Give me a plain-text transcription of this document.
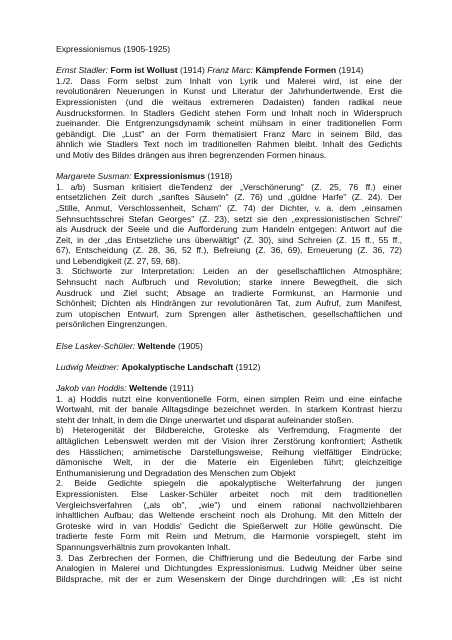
Expressionismus (1905-1925)
Ernst Stadler: Form ist Wollust (1914) Franz Marc: Kämpfende Formen (1914)
1./2. Dass Form selbst zum Inhalt von Lyrik und Malerei wird, ist eine der
revolutionären Neuerungen in Kunst und Literatur der Jahrhundertwende. Erst die
Expressionisten (und die weitaus extremeren Dadaisten) fanden radikal neue
Ausdrucksformen. In Stadlers Gedicht stehen Form und Inhalt noch in Widerspruch
zueinander. Die Entgrenzungsdynamik scheint mühsam in einer traditionellen Form
gebändigt. Die „Lust" an der Form thematisiert Franz Marc in seinem Bild, das
ähnlich wie Stadlers Text noch im traditionellen Rahmen bleibt. Inhalt des Gedichts
und Motiv des Bildes drängen aus ihren begrenzenden Formen hinaus.
Margarete Susman: Expressionismus (1918)
1. a/b) Susman kritisiert dieTendenz der „Verschönerung" (Z. 25, 76 ff.) einer
entsetzlichen Zeit durch „sanftes Säuseln" (Z. 76) und „güldne Harfe" (Z. 24). Der
„Stille, Anmut, Verschlossenheit, Scham" (Z. 74) der Dichter, v. a. dem „einsamen
Sehnsuchtsschrei Stefan Georges" (Z. 23), setzt sie den „expressionistischen Schrei"
als Ausdruck der Seele und die Aufforderung zum Handeln entgegen: Antwort auf die
Zeit, in der „das Entsetzliche uns überwältigt" (Z. 30), sind Schreien (Z. 15 ff., 55 ff.,
67), Entscheidung (Z. 28, 36, 52 ff.), Befreiung (Z. 36, 69), Erneuerung (Z. 36, 72)
und Lebendigkeit (Z. 27, 59, 68).
3. Stichworte zur Interpretation: Leiden an der gesellschaftlichen Atmosphäre;
Sehnsucht nach Aufbruch und Revolution; starke innere Bewegtheit, die sich
Ausdruck und Ziel sucht; Absage an tradierte Formkunst, an Harmonie und
Schönheit; Dichten als Hindrängen zur revolutionären Tat, zum Aufruf, zum Manifest,
zum utopischen Entwurf, zum Sprengen aller ästhetischen, gesellschaftlichen und
persönlichen Eingrenzungen.
Else Lasker-Schüler: Weltende (1905)
Ludwig Meidner: Apokalyptische Landschaft (1912)
Jakob van Hoddis: Weltende (1911)
1. a) Hoddis nutzt eine konventionelle Form, einen simplen Reim und eine einfache
Wortwahl, mit der banale Alltagsdinge bezeichnet werden. In starkem Kontrast hierzu
steht der Inhalt, in dem die Dinge unerwartet und disparat aufeinander stoßen.
b) Heterogenität der Bildbereiche, Groteske als Verfremdung, Fragmente der
alltäglichen Lebenswelt werden mit der Vision ihrer Zerstörung konfrontiert; Ästhetik
des Hässlichen; amimetische Darstellungsweise, Reihung vielfältiger Eindrücke;
dämonische Welt, in der die Materie ein Eigenleben führt; gleichzeitige
Enthumanisierung und Degradation des Menschen zum Objekt
2. Beide Gedichte spiegeln die apokalyptische Welterfahrung der jungen
Expressionisten. Else Lasker-Schüler arbeitet noch mit dem traditionellen
Vergleichsverfahren („als ob", „wie") und einem rational nachvollziehbaren
inhaltlichen Aufbau; das Weltende erscheint noch als Drohung. Mit den Mitteln der
Groteske wird in van Hoddis' Gedicht die Spießerwelt zur Hölle gewünscht. Die
tradierte feste Form mit Reim und Metrum, die Harmonie vorspiegelt, steht im
Spannungsverhältnis zum provokanten Inhalt.
3. Das Zerbrechen der Formen, die Chiffrierung und die Bedeutung der Farbe sind
Analogien in Malerei und Dichtungdes Expressionismus. Ludwig Meidner über seine
Bildsprache, mit der er zum Wesenskern der Dinge durchdringen will: „Es ist nicht
